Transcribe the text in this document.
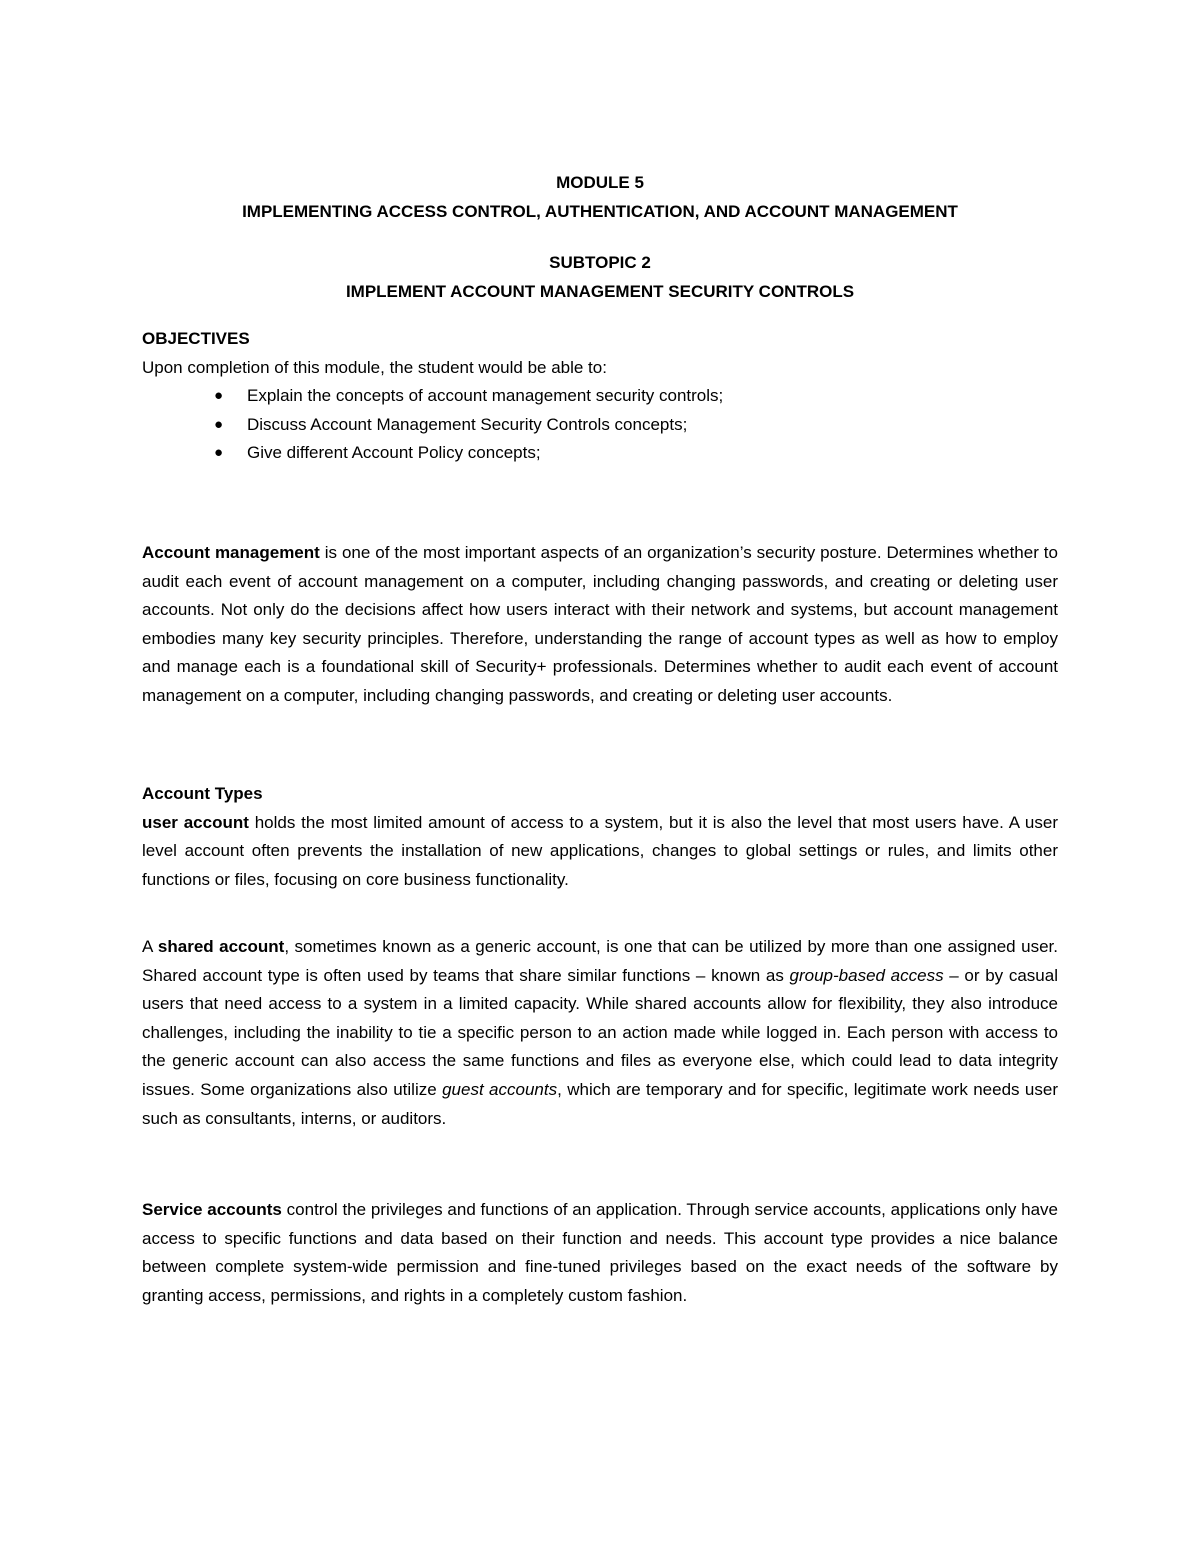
MODULE 5
IMPLEMENTING ACCESS CONTROL, AUTHENTICATION, AND ACCOUNT MANAGEMENT
SUBTOPIC 2
IMPLEMENT ACCOUNT MANAGEMENT SECURITY CONTROLS
OBJECTIVES
Upon completion of this module, the student would be able to:
● Explain the concepts of account management security controls;
● Discuss Account Management Security Controls concepts;
● Give different Account Policy concepts;
Account management is one of the most important aspects of an organization’s security posture. Determines whether to audit each event of account management on a computer, including changing passwords, and creating or deleting user accounts. Not only do the decisions affect how users interact with their network and systems, but account management embodies many key security principles. Therefore, understanding the range of account types as well as how to employ and manage each is a foundational skill of Security+ professionals. Determines whether to audit each event of account management on a computer, including changing passwords, and creating or deleting user accounts.
Account Types
user account holds the most limited amount of access to a system, but it is also the level that most users have. A user level account often prevents the installation of new applications, changes to global settings or rules, and limits other functions or files, focusing on core business functionality.
A shared account, sometimes known as a generic account, is one that can be utilized by more than one assigned user. Shared account type is often used by teams that share similar functions – known as group-based access – or by casual users that need access to a system in a limited capacity. While shared accounts allow for flexibility, they also introduce challenges, including the inability to tie a specific person to an action made while logged in. Each person with access to the generic account can also access the same functions and files as everyone else, which could lead to data integrity issues. Some organizations also utilize guest accounts, which are temporary and for specific, legitimate work needs user such as consultants, interns, or auditors.
Service accounts control the privileges and functions of an application. Through service accounts, applications only have access to specific functions and data based on their function and needs. This account type provides a nice balance between complete system-wide permission and fine-tuned privileges based on the exact needs of the software by granting access, permissions, and rights in a completely custom fashion.
